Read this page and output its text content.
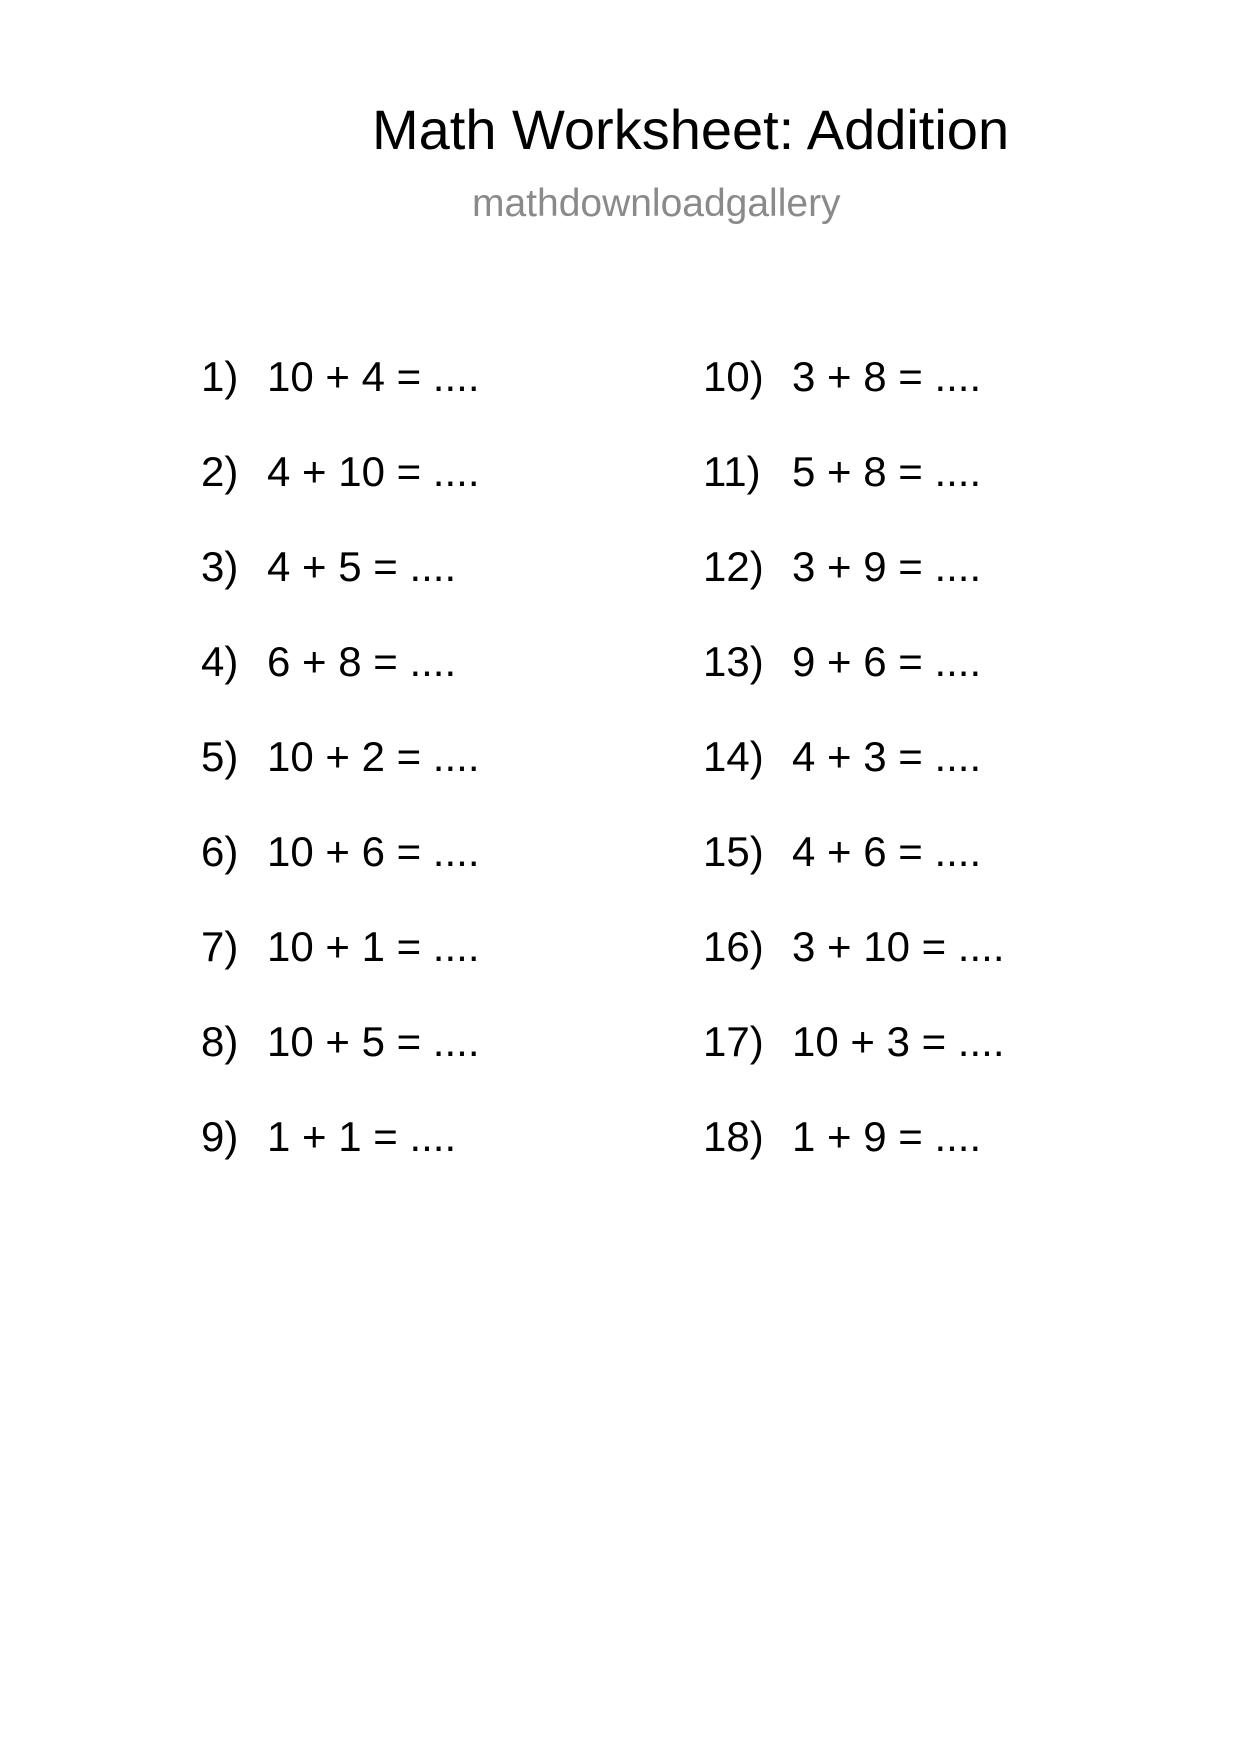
Math Worksheet: Addition
mathdownloadgallery
1) 10 + 4 = ....
2) 4 + 10 = ....
3) 4 + 5 = ....
4) 6 + 8 = ....
5) 10 + 2 = ....
6) 10 + 6 = ....
7) 10 + 1 = ....
8) 10 + 5 = ....
9) 1 + 1 = ....
10) 3 + 8 = ....
11) 5 + 8 = ....
12) 3 + 9 = ....
13) 9 + 6 = ....
14) 4 + 3 = ....
15) 4 + 6 = ....
16) 3 + 10 = ....
17) 10 + 3 = ....
18) 1 + 9 = ....
